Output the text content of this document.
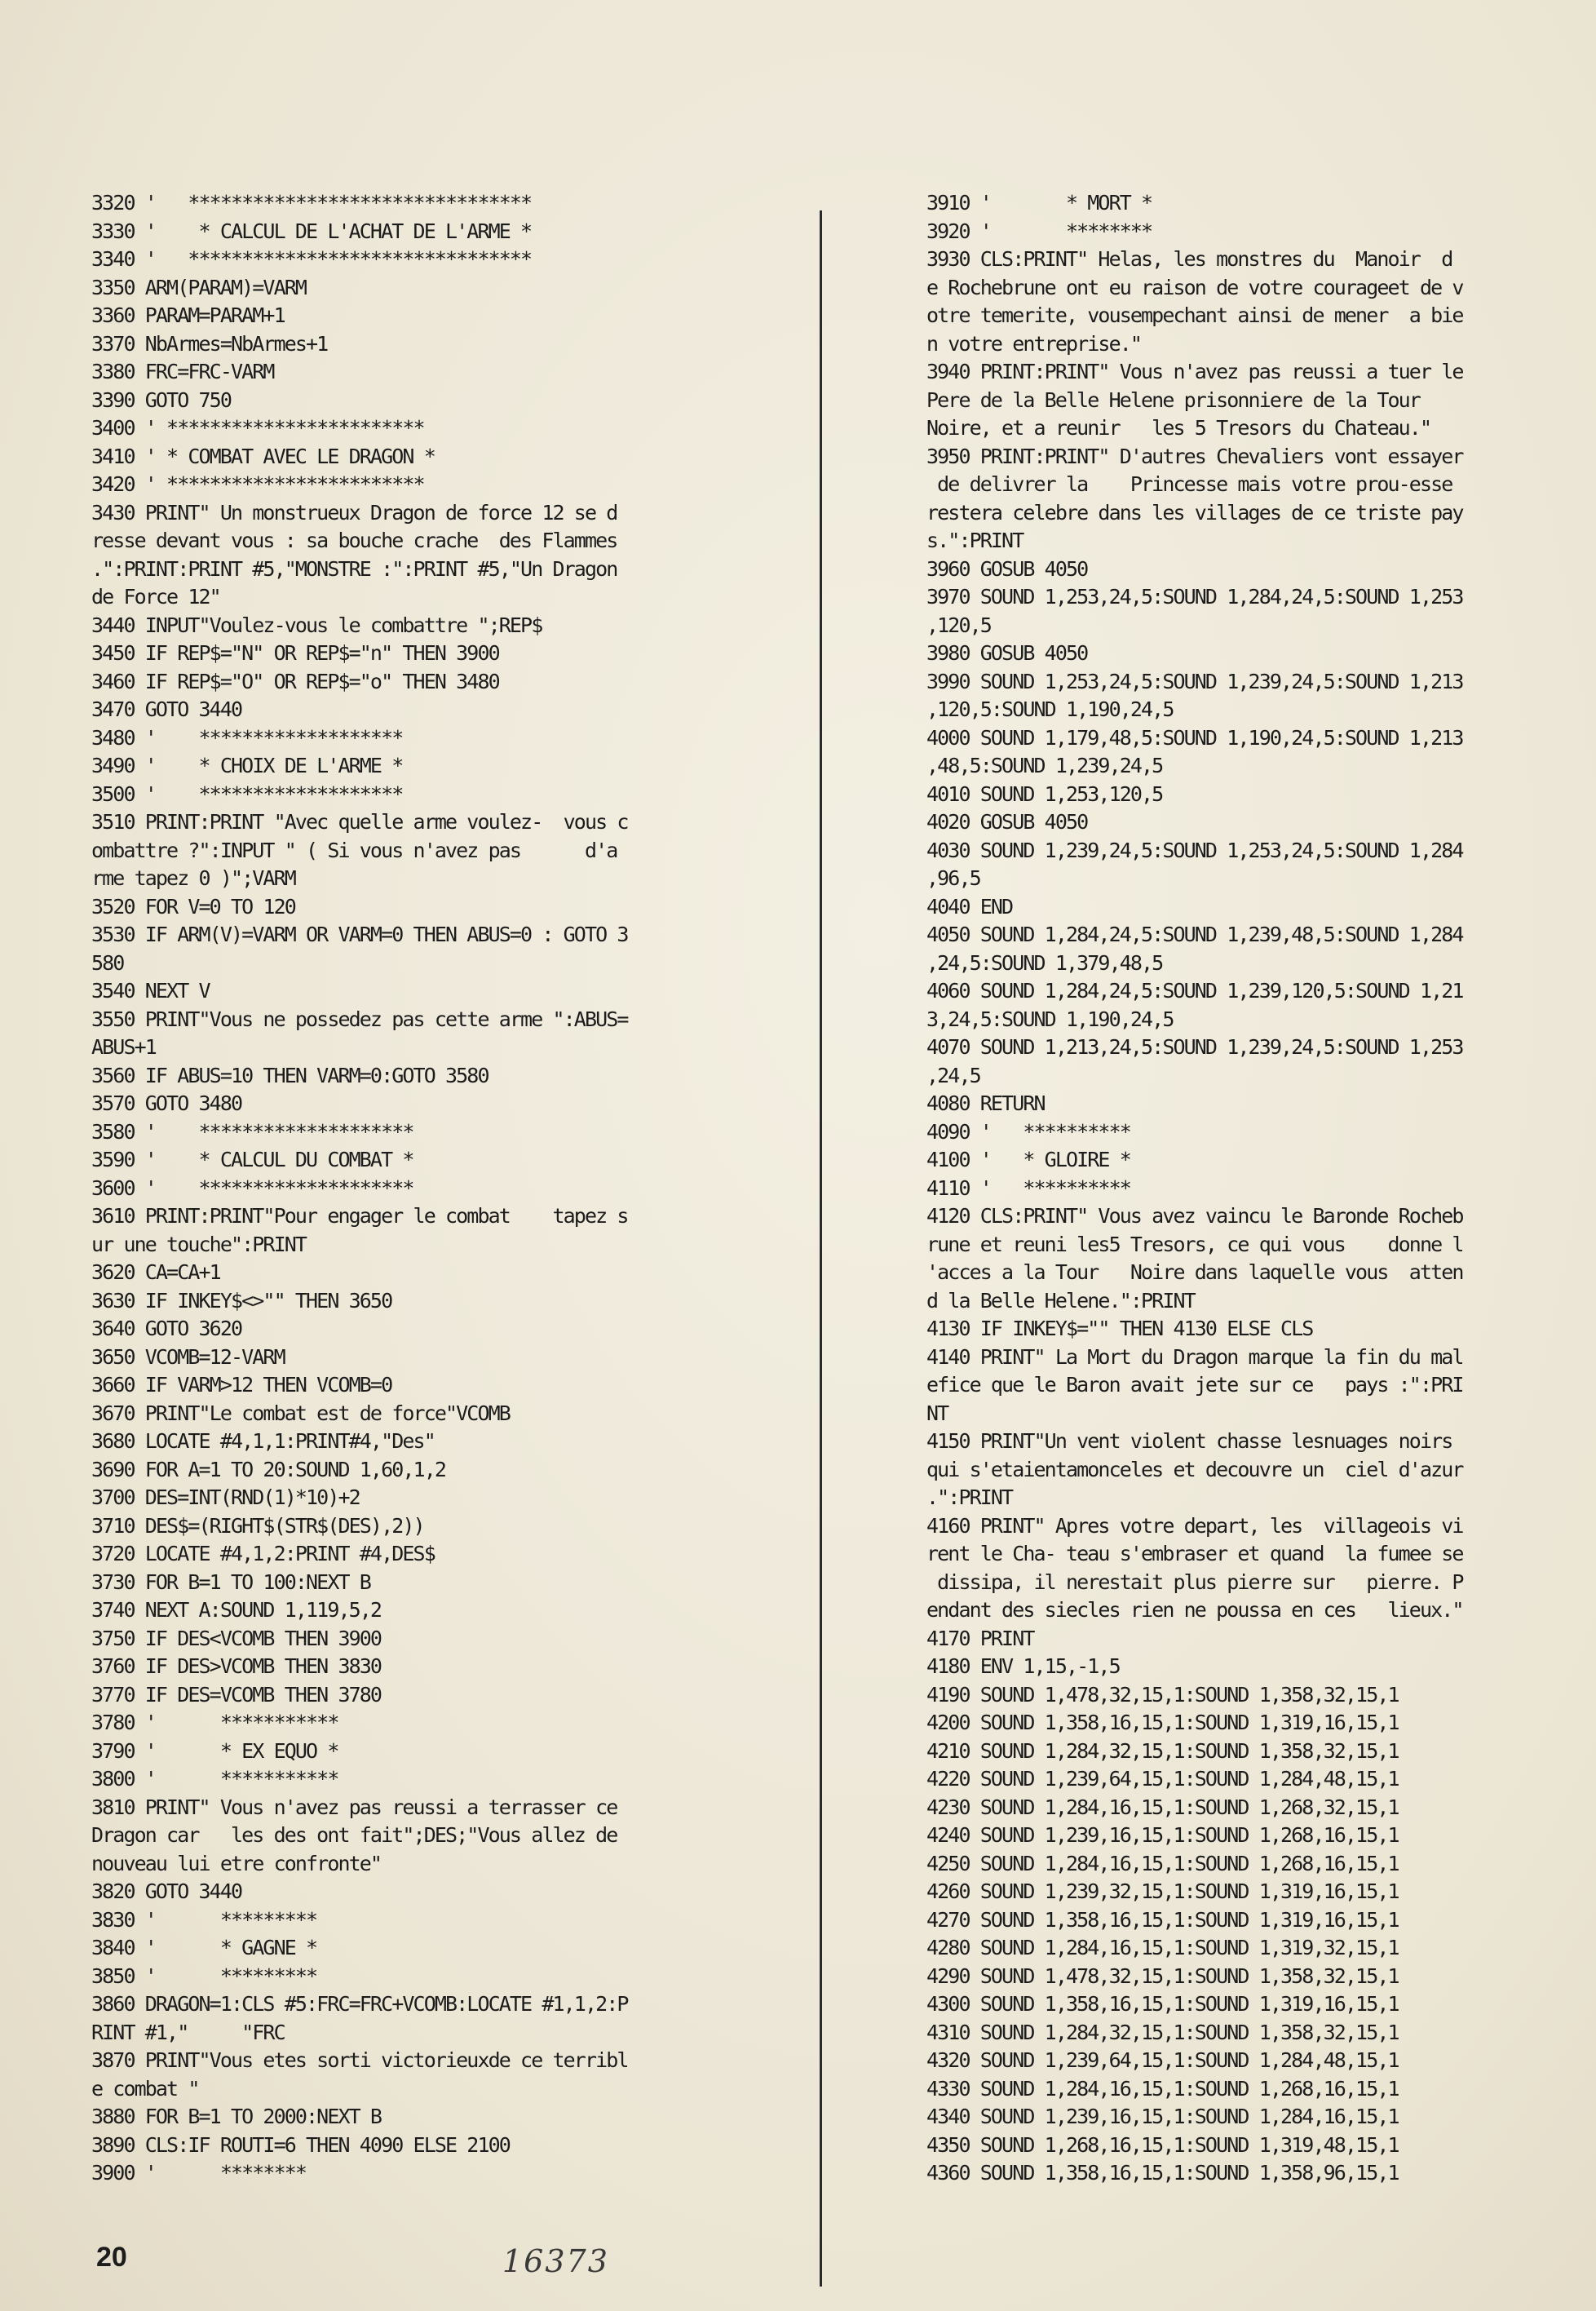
3320 '   ********************************
3330 '    * CALCUL DE L'ACHAT DE L'ARME *
3340 '   ********************************
3350 ARM(PARAM)=VARM
3360 PARAM=PARAM+1
3370 NbArmes=NbArmes+1
3380 FRC=FRC-VARM
3390 GOTO 750
3400 ' ************************
3410 ' * COMBAT AVEC LE DRAGON *
3420 ' ************************
3430 PRINT" Un monstrueux Dragon de force 12 se d
resse devant vous : sa bouche crache  des Flammes
.":PRINT:PRINT #5,"MONSTRE :":PRINT #5,"Un Dragon
de Force 12"
3440 INPUT"Voulez-vous le combattre ";REP$
3450 IF REP$="N" OR REP$="n" THEN 3900
3460 IF REP$="O" OR REP$="o" THEN 3480
3470 GOTO 3440
3480 '    *******************
3490 '    * CHOIX DE L'ARME *
3500 '    *******************
3510 PRINT:PRINT "Avec quelle arme voulez-  vous c
ombattre ?":INPUT " ( Si vous n'avez pas      d'a
rme tapez 0 )";VARM
3520 FOR V=0 TO 120
3530 IF ARM(V)=VARM OR VARM=0 THEN ABUS=0 : GOTO 3
580
3540 NEXT V
3550 PRINT"Vous ne possedez pas cette arme ":ABUS=
ABUS+1
3560 IF ABUS=10 THEN VARM=0:GOTO 3580
3570 GOTO 3480
3580 '    ********************
3590 '    * CALCUL DU COMBAT *
3600 '    ********************
3610 PRINT:PRINT"Pour engager le combat    tapez s
ur une touche":PRINT
3620 CA=CA+1
3630 IF INKEY$<>"" THEN 3650
3640 GOTO 3620
3650 VCOMB=12-VARM
3660 IF VARM>12 THEN VCOMB=0
3670 PRINT"Le combat est de force"VCOMB
3680 LOCATE #4,1,1:PRINT#4,"Des"
3690 FOR A=1 TO 20:SOUND 1,60,1,2
3700 DES=INT(RND(1)*10)+2
3710 DES$=(RIGHT$(STR$(DES),2))
3720 LOCATE #4,1,2:PRINT #4,DES$
3730 FOR B=1 TO 100:NEXT B
3740 NEXT A:SOUND 1,119,5,2
3750 IF DES<VCOMB THEN 3900
3760 IF DES>VCOMB THEN 3830
3770 IF DES=VCOMB THEN 3780
3780 '      ***********
3790 '      * EX EQUO *
3800 '      ***********
3810 PRINT" Vous n'avez pas reussi a terrasser ce
Dragon car   les des ont fait";DES;"Vous allez de
nouveau lui etre confronte"
3820 GOTO 3440
3830 '      *********
3840 '      * GAGNE *
3850 '      *********
3860 DRAGON=1:CLS #5:FRC=FRC+VCOMB:LOCATE #1,1,2:P
RINT #1,"     "FRC
3870 PRINT"Vous etes sorti victorieuxde ce terribl
e combat "
3880 FOR B=1 TO 2000:NEXT B
3890 CLS:IF ROUTI=6 THEN 4090 ELSE 2100
3900 '      ********
3910 '       * MORT *
3920 '       ********
3930 CLS:PRINT" Helas, les monstres du  Manoir  d
e Rochebrune ont eu raison de votre courageet de v
otre temerite, vousempechant ainsi de mener  a bie
n votre entreprise."
3940 PRINT:PRINT" Vous n'avez pas reussi a tuer le
Pere de la Belle Helene prisonniere de la Tour
Noire, et a reunir   les 5 Tresors du Chateau."
3950 PRINT:PRINT" D'autres Chevaliers vont essayer
de delivrer la    Princesse mais votre prou-esse
restera celebre dans les villages de ce triste pay
s.":PRINT
3960 GOSUB 4050
3970 SOUND 1,253,24,5:SOUND 1,284,24,5:SOUND 1,253
,120,5
3980 GOSUB 4050
3990 SOUND 1,253,24,5:SOUND 1,239,24,5:SOUND 1,213
,120,5:SOUND 1,190,24,5
4000 SOUND 1,179,48,5:SOUND 1,190,24,5:SOUND 1,213
,48,5:SOUND 1,239,24,5
4010 SOUND 1,253,120,5
4020 GOSUB 4050
4030 SOUND 1,239,24,5:SOUND 1,253,24,5:SOUND 1,284
,96,5
4040 END
4050 SOUND 1,284,24,5:SOUND 1,239,48,5:SOUND 1,284
,24,5:SOUND 1,379,48,5
4060 SOUND 1,284,24,5:SOUND 1,239,120,5:SOUND 1,21
3,24,5:SOUND 1,190,24,5
4070 SOUND 1,213,24,5:SOUND 1,239,24,5:SOUND 1,253
,24,5
4080 RETURN
4090 '   **********
4100 '   * GLOIRE *
4110 '   **********
4120 CLS:PRINT" Vous avez vaincu le Baronde Rocheb
rune et reuni les5 Tresors, ce qui vous    donne l
'acces a la Tour   Noire dans laquelle vous  atten
d la Belle Helene.":PRINT
4130 IF INKEY$="" THEN 4130 ELSE CLS
4140 PRINT" La Mort du Dragon marque la fin du mal
efice que le Baron avait jete sur ce   pays :":PRI
NT
4150 PRINT"Un vent violent chasse lesnuages noirs
qui s'etaientamonceles et decouvre un  ciel d'azur
.":PRINT
4160 PRINT" Apres votre depart, les  villageois vi
rent le Cha- teau s'embraser et quand  la fumee se
dissipa, il nerestait plus pierre sur   pierre. P
endant des siecles rien ne poussa en ces   lieux."
4170 PRINT
4180 ENV 1,15,-1,5
4190 SOUND 1,478,32,15,1:SOUND 1,358,32,15,1
4200 SOUND 1,358,16,15,1:SOUND 1,319,16,15,1
4210 SOUND 1,284,32,15,1:SOUND 1,358,32,15,1
4220 SOUND 1,239,64,15,1:SOUND 1,284,48,15,1
4230 SOUND 1,284,16,15,1:SOUND 1,268,32,15,1
4240 SOUND 1,239,16,15,1:SOUND 1,268,16,15,1
4250 SOUND 1,284,16,15,1:SOUND 1,268,16,15,1
4260 SOUND 1,239,32,15,1:SOUND 1,319,16,15,1
4270 SOUND 1,358,16,15,1:SOUND 1,319,16,15,1
4280 SOUND 1,284,16,15,1:SOUND 1,319,32,15,1
4290 SOUND 1,478,32,15,1:SOUND 1,358,32,15,1
4300 SOUND 1,358,16,15,1:SOUND 1,319,16,15,1
4310 SOUND 1,284,32,15,1:SOUND 1,358,32,15,1
4320 SOUND 1,239,64,15,1:SOUND 1,284,48,15,1
4330 SOUND 1,284,16,15,1:SOUND 1,268,16,15,1
4340 SOUND 1,239,16,15,1:SOUND 1,284,16,15,1
4350 SOUND 1,268,16,15,1:SOUND 1,319,48,15,1
4360 SOUND 1,358,16,15,1:SOUND 1,358,96,15,1
20	16373
